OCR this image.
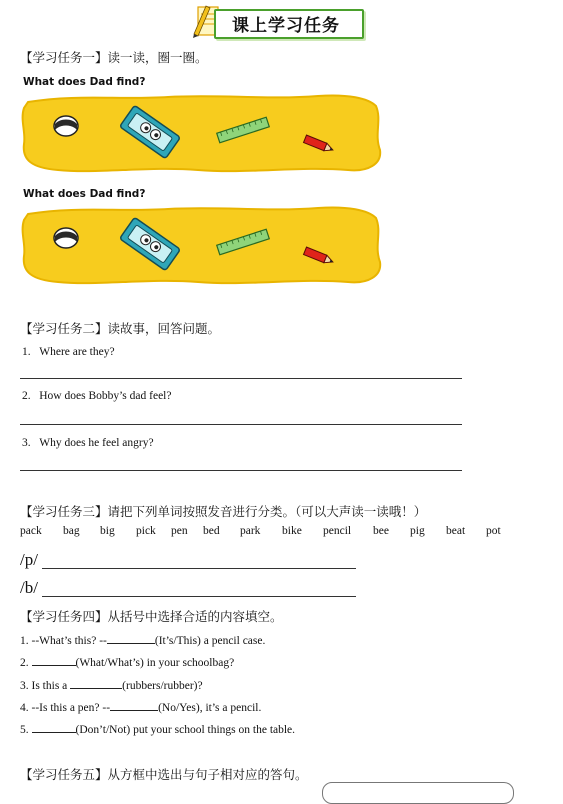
课上学习任务
【学习任务一】读一读，圈一圈。
What does Dad find?
What does Dad find?
【学习任务二】读故事，回答问题。
1. Where are they?
2. How does Bobby’s dad feel?
3. Why does he feel angry?
【学习任务三】请把下列单词按照发音进行分类。（可以大声读一读哦！）
pack bag big pick pen bed park bike pencil bee pig beat pot
/p/
/b/
【学习任务四】从括号中选择合适的内容填空。
1. --What’s this? --	(It’s/This) a pencil case.
2.	(What/What’s) in your schoolbag?
3. Is this a	(rubbers/rubber)?
4. --Is this a pen? --	(No/Yes), it’s a pencil.
5.	(Don’t/Not) put your school things on the table.
【学习任务五】从方框中选出与句子相对应的答句。
